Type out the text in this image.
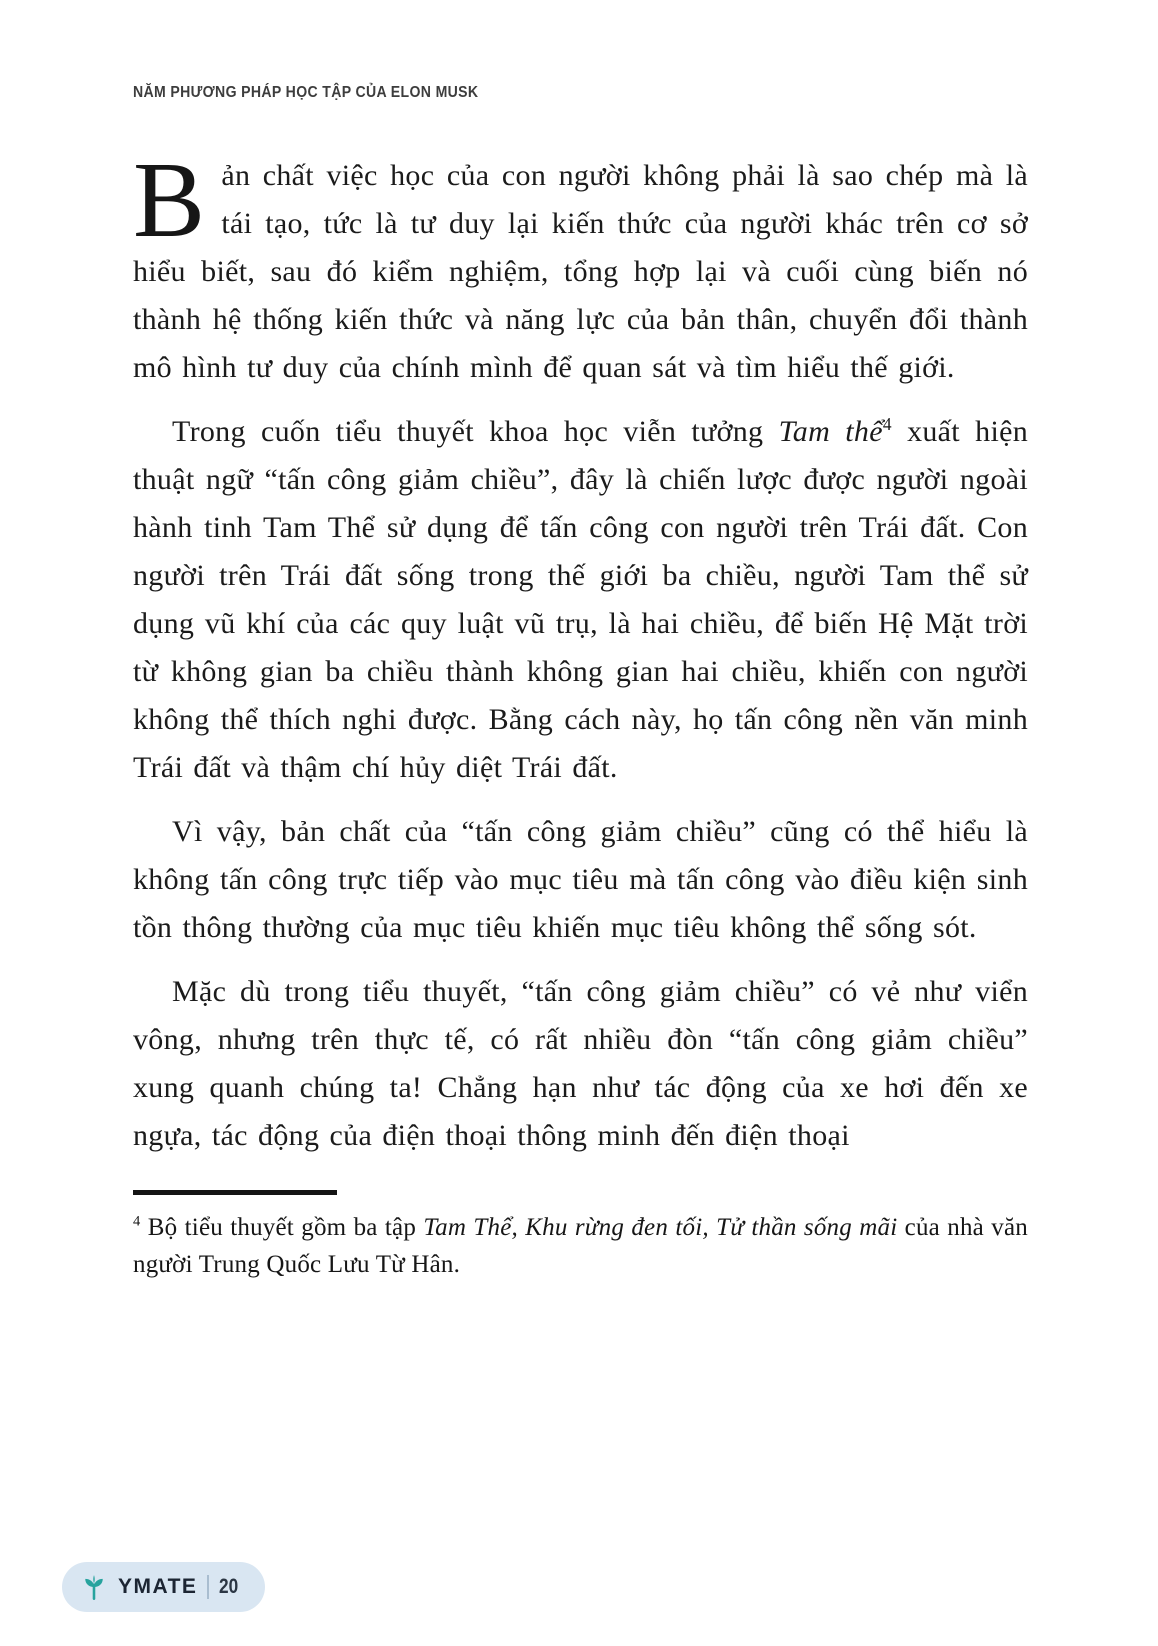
NĂM PHƯƠNG PHÁP HỌC TẬP CỦA ELON MUSK

Bản chất việc học của con người không phải là sao chép mà là tái tạo, tức là tư duy lại kiến thức của người khác trên cơ sở hiểu biết, sau đó kiểm nghiệm, tổng hợp lại và cuối cùng biến nó thành hệ thống kiến thức và năng lực của bản thân, chuyển đổi thành mô hình tư duy của chính mình để quan sát và tìm hiểu thế giới.

Trong cuốn tiểu thuyết khoa học viễn tưởng Tam thể$^4$ xuất hiện thuật ngữ “tấn công giảm chiều”, đây là chiến lược được người ngoài hành tinh Tam Thể sử dụng để tấn công con người trên Trái đất. Con người trên Trái đất sống trong thế giới ba chiều, người Tam thể sử dụng vũ khí của các quy luật vũ trụ, là hai chiều, để biến Hệ Mặt trời từ không gian ba chiều thành không gian hai chiều, khiến con người không thể thích nghi được. Bằng cách này, họ tấn công nền văn minh Trái đất và thậm chí hủy diệt Trái đất.

Vì vậy, bản chất của “tấn công giảm chiều” cũng có thể hiểu là không tấn công trực tiếp vào mục tiêu mà tấn công vào điều kiện sinh tồn thông thường của mục tiêu khiến mục tiêu không thể sống sót.

Mặc dù trong tiểu thuyết, “tấn công giảm chiều” có vẻ như viển vông, nhưng trên thực tế, có rất nhiều đòn “tấn công giảm chiều” xung quanh chúng ta! Chẳng hạn như tác động của xe hơi đến xe ngựa, tác động của điện thoại thông minh đến điện thoại

$^4$ Bộ tiểu thuyết gồm ba tập Tam Thể, Khu rừng đen tối, Tử thần sống mãi của nhà văn người Trung Quốc Lưu Từ Hân.
YMATE 20
